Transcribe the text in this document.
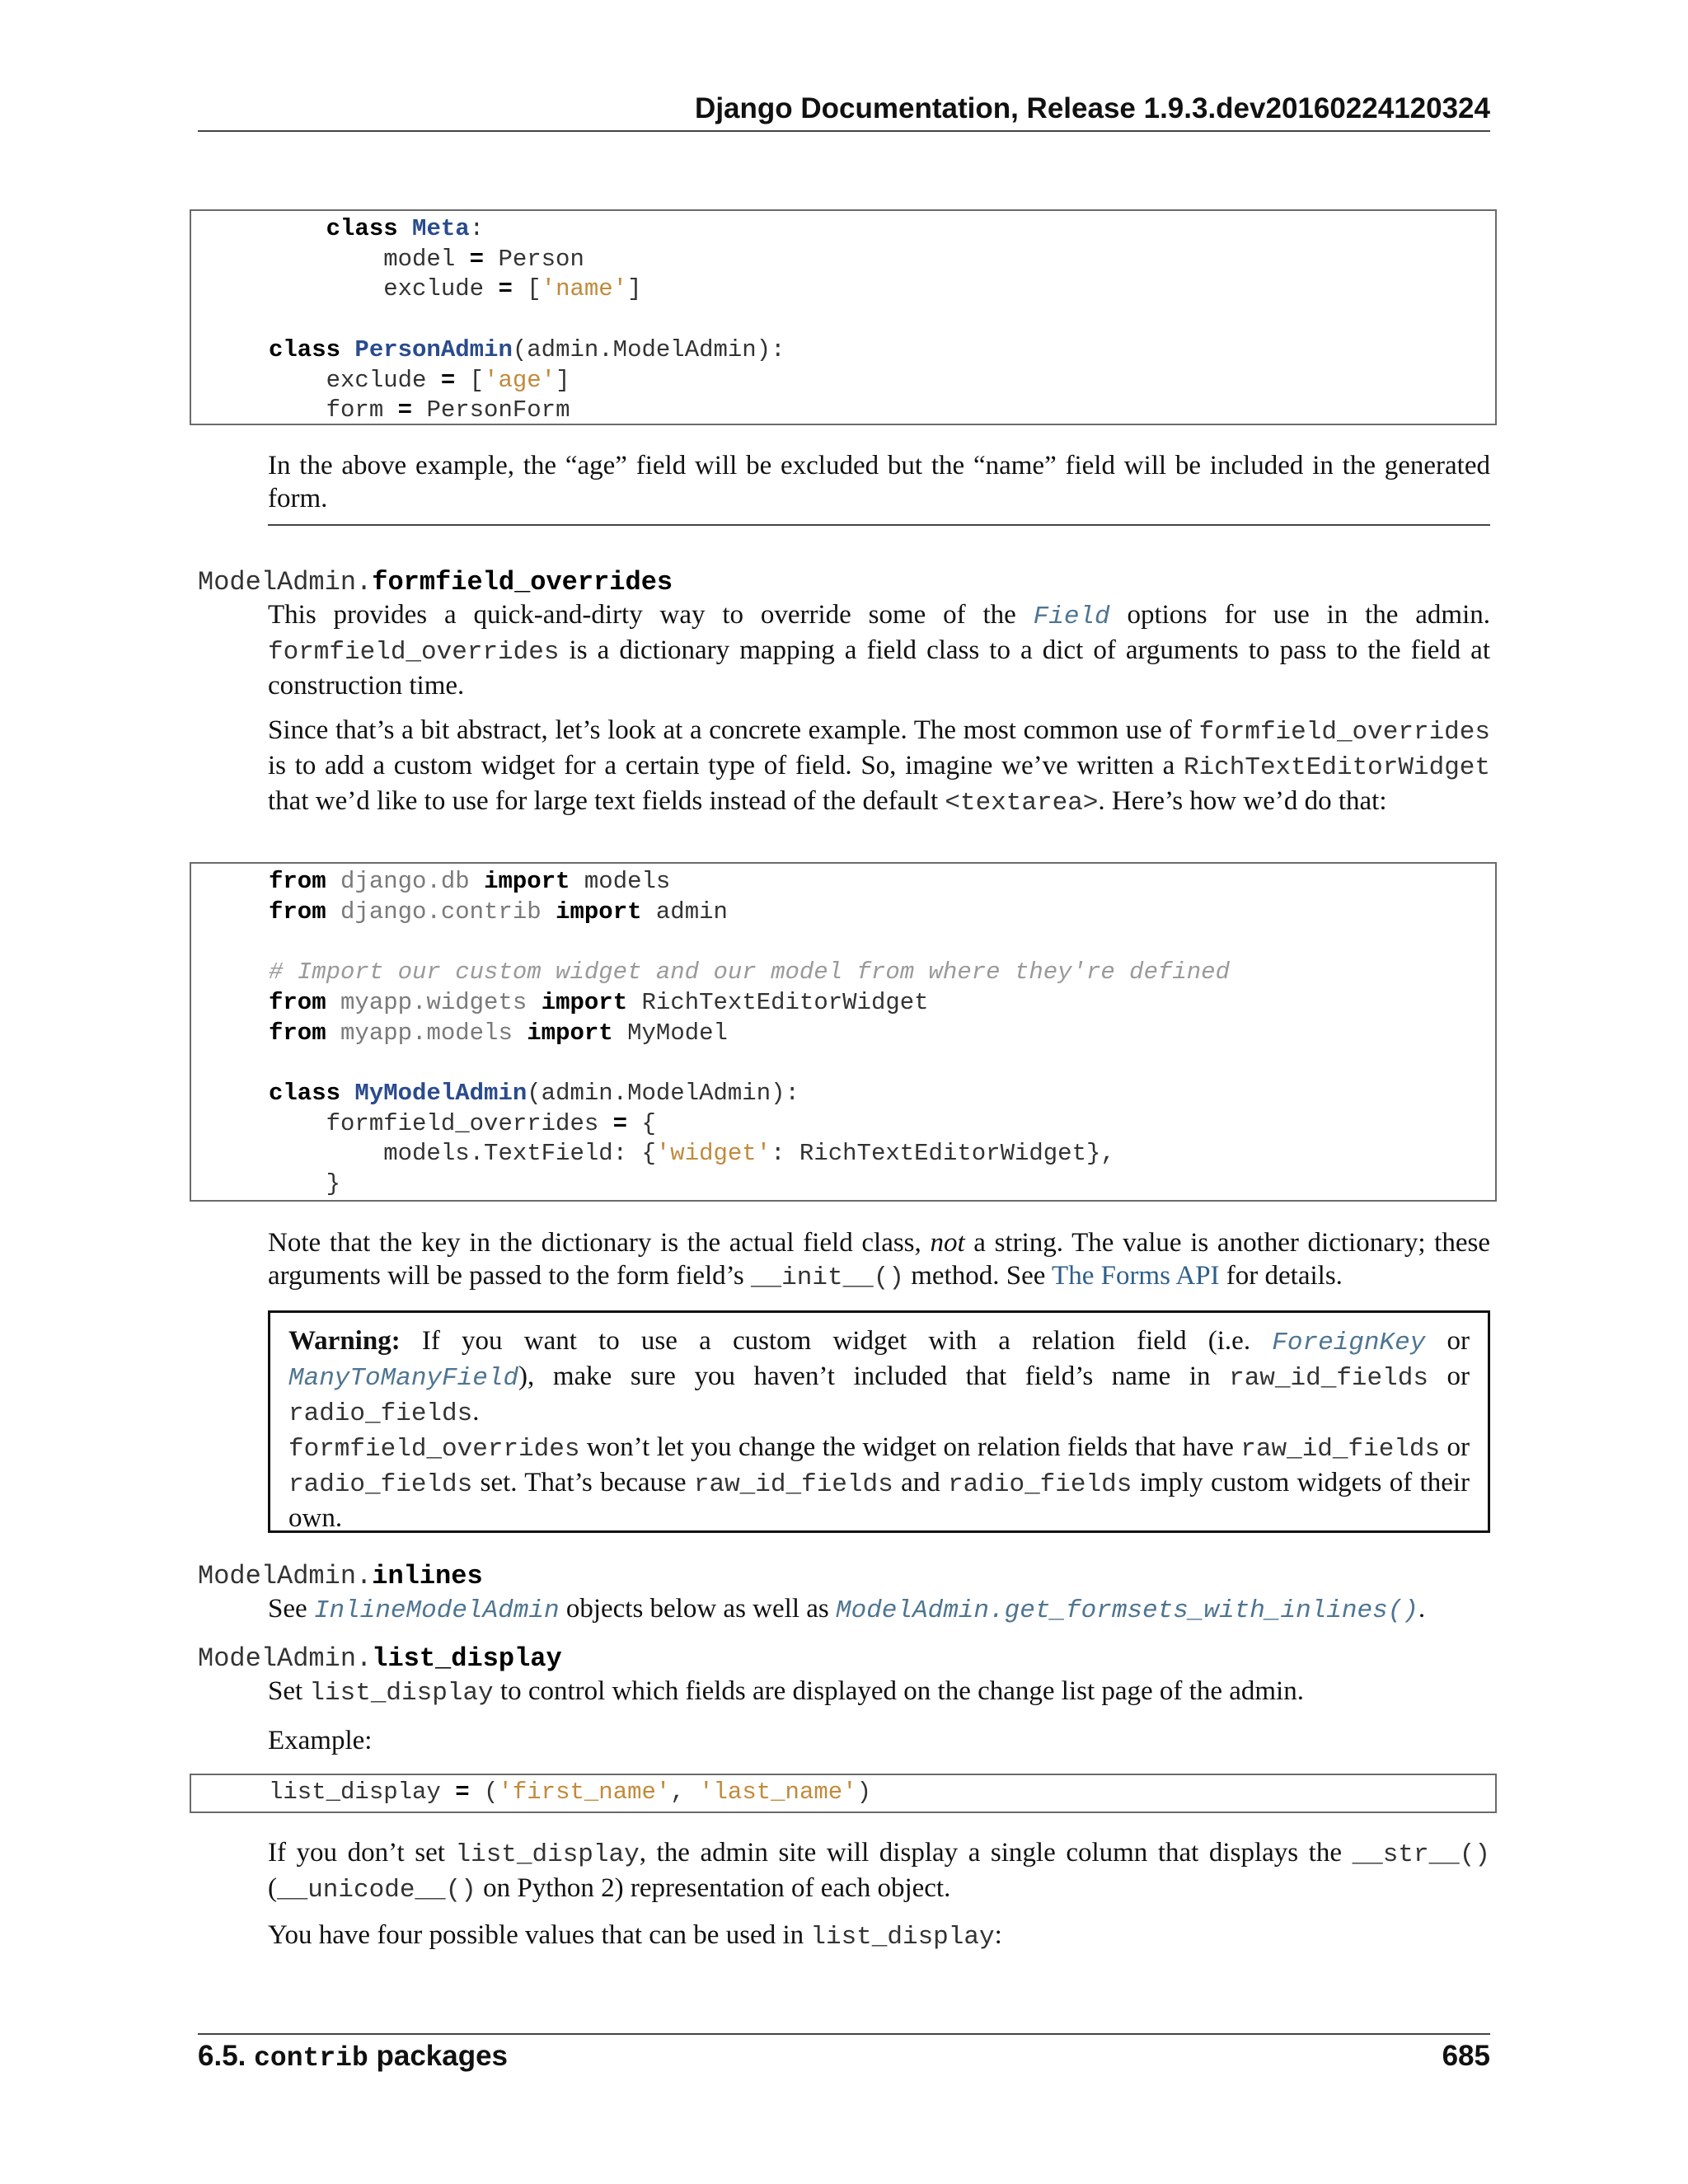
Django Documentation, Release 1.9.3.dev20160224120324
class Meta:
model = Person
exclude = ['name']

class PersonAdmin(admin.ModelAdmin):
exclude = ['age']
form = PersonForm

In the above example, the “age” field will be excluded but the “name” field will be included in the generated form.

ModelAdmin.formfield_overrides

This provides a quick-and-dirty way to override some of the Field options for use in the admin. formfield_overrides is a dictionary mapping a field class to a dict of arguments to pass to the field at construction time.

Since that’s a bit abstract, let’s look at a concrete example. The most common use of formfield_overrides is to add a custom widget for a certain type of field. So, imagine we’ve written a RichTextEditorWidget that we’d like to use for large text fields instead of the default <textarea>. Here’s how we’d do that:

from django.db import models
from django.contrib import admin

# Import our custom widget and our model from where they're defined
from myapp.widgets import RichTextEditorWidget
from myapp.models import MyModel

class MyModelAdmin(admin.ModelAdmin):
formfield_overrides = {
models.TextField: {'widget': RichTextEditorWidget},
}

Note that the key in the dictionary is the actual field class, not a string. The value is another dictionary; these arguments will be passed to the form field’s __init__() method. See The Forms API for details.

Warning: If you want to use a custom widget with a relation field (i.e. ForeignKey or ManyToManyField), make sure you haven’t included that field’s name in raw_id_fields or radio_fields.

formfield_overrides won’t let you change the widget on relation fields that have raw_id_fields or radio_fields set. That’s because raw_id_fields and radio_fields imply custom widgets of their own.

ModelAdmin.inlines

See InlineModelAdmin objects below as well as ModelAdmin.get_formsets_with_inlines().

ModelAdmin.list_display

Set list_display to control which fields are displayed on the change list page of the admin.

Example:

list_display = ('first_name', 'last_name')

If you don’t set list_display, the admin site will display a single column that displays the __str__() (__unicode__() on Python 2) representation of each object.

You have four possible values that can be used in list_display:

6.5. contrib packages	685
